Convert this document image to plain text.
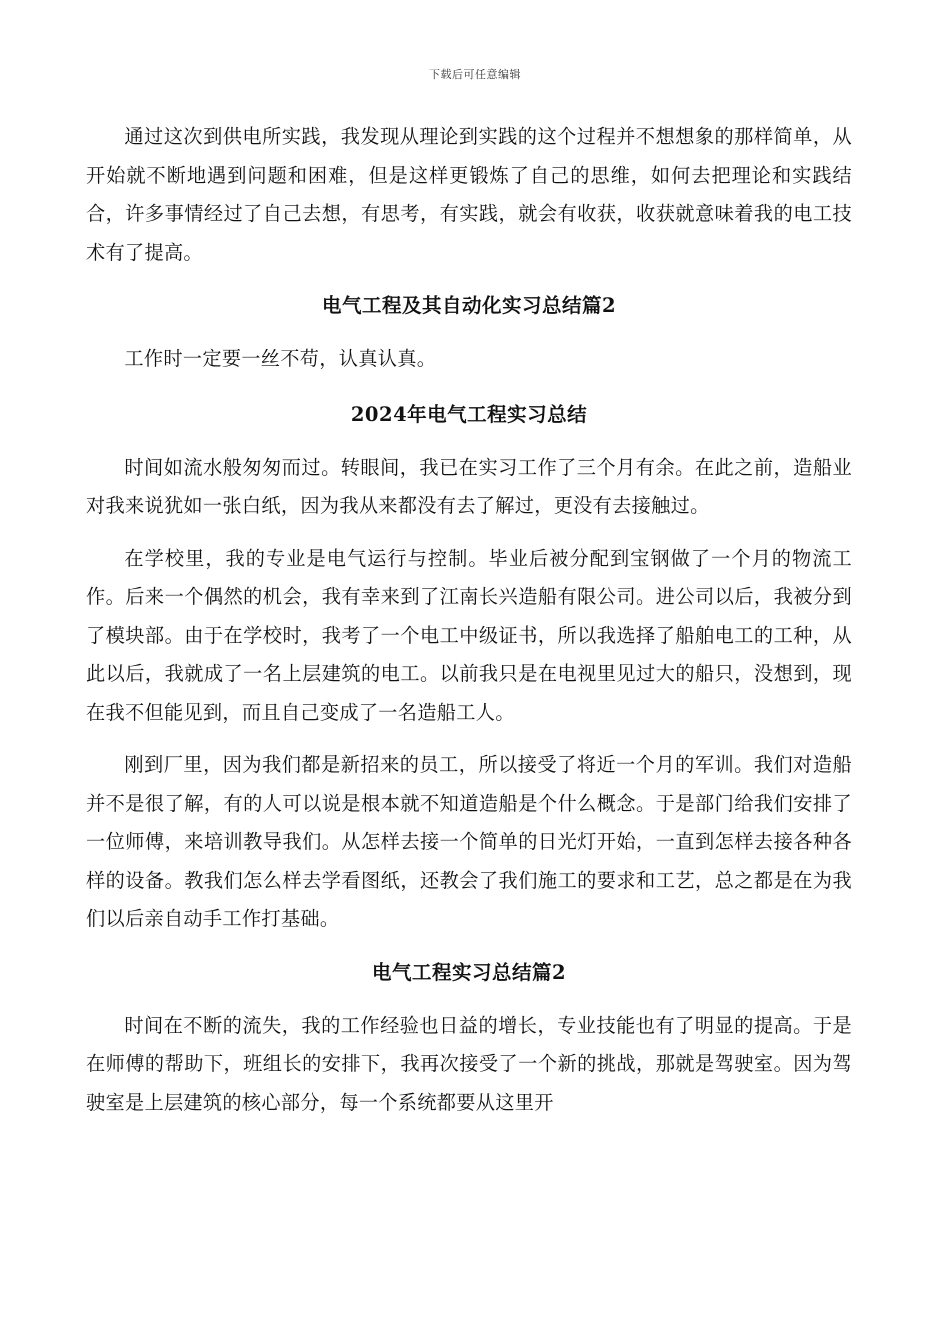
下载后可任意编辑

通过这次到供电所实践，我发现从理论到实践的这个过程并不想想象的那样简单，从开始就不断地遇到问题和困难，但是这样更锻炼了自己的思维，如何去把理论和实践结合，许多事情经过了自己去想，有思考，有实践，就会有收获，收获就意味着我的电工技术有了提高。

电气工程及其自动化实习总结篇2

工作时一定要一丝不苟，认真认真。

2024年电气工程实习总结

时间如流水般匆匆而过。转眼间，我已在实习工作了三个月有余。在此之前，造船业对我来说犹如一张白纸，因为我从来都没有去了解过，更没有去接触过。

在学校里，我的专业是电气运行与控制。毕业后被分配到宝钢做了一个月的物流工作。后来一个偶然的机会，我有幸来到了江南长兴造船有限公司。进公司以后，我被分到了模块部。由于在学校时，我考了一个电工中级证书，所以我选择了船舶电工的工种，从此以后，我就成了一名上层建筑的电工。以前我只是在电视里见过大的船只，没想到，现在我不但能见到，而且自己变成了一名造船工人。

刚到厂里，因为我们都是新招来的员工，所以接受了将近一个月的军训。我们对造船并不是很了解，有的人可以说是根本就不知道造船是个什么概念。于是部门给我们安排了一位师傅，来培训教导我们。从怎样去接一个简单的日光灯开始，一直到怎样去接各种各样的设备。教我们怎么样去学看图纸，还教会了我们施工的要求和工艺，总之都是在为我们以后亲自动手工作打基础。

电气工程实习总结篇2

时间在不断的流失，我的工作经验也日益的增长，专业技能也有了明显的提高。于是在师傅的帮助下，班组长的安排下，我再次接受了一个新的挑战，那就是驾驶室。因为驾驶室是上层建筑的核心部分，每一个系统都要从这里开
